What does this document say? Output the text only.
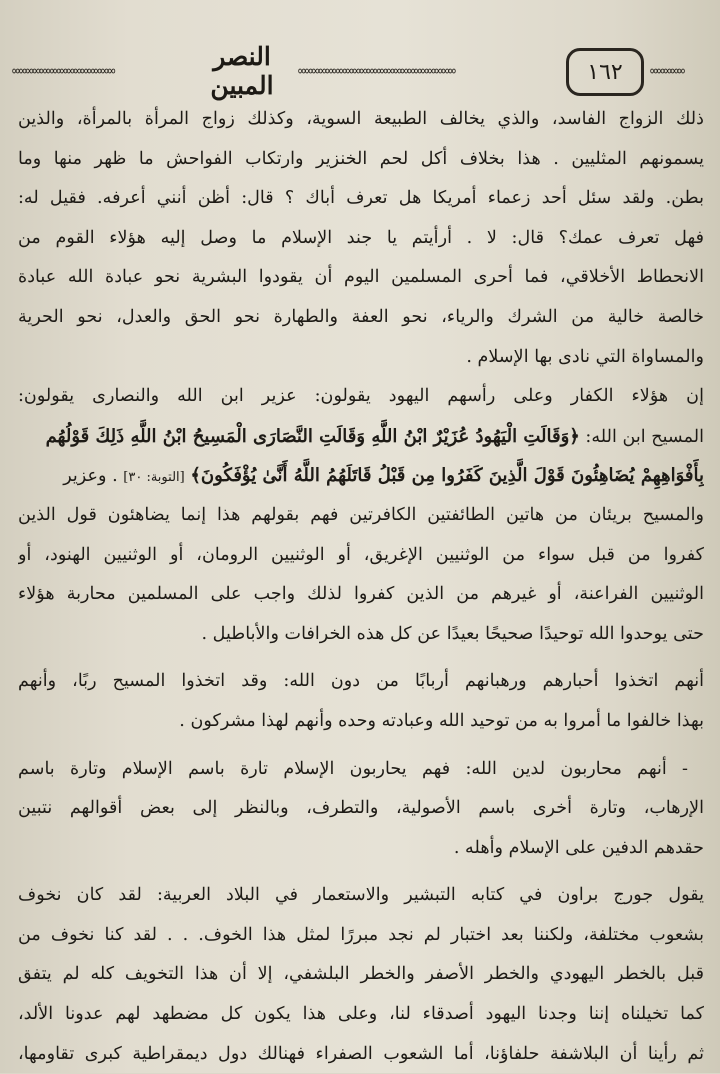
∞∞∞∞∞
١٦٢
∞∞∞∞∞∞∞∞∞∞∞∞∞∞∞∞∞∞∞∞∞∞∞
النصر المبين
∞∞∞∞∞∞∞∞∞∞∞∞∞∞∞
ذلك الزواج الفاسد، والذي يخالف الطبيعة السوية، وكذلك زواج المرأة بالمرأة، والذين
يسمونهم المثليين . هذا بخلاف أكل لحم الخنزير وارتكاب الفواحش ما ظهر منها وما
بطن. ولقد سئل أحد زعماء أمريكا هل تعرف أباك ؟ قال: أظن أنني أعرفه. فقيل له:
فهل تعرف عمك؟ قال: لا . أرأيتم يا جند الإسلام ما وصل إليه هؤلاء القوم من
الانحطاط الأخلاقي، فما أحرى المسلمين اليوم أن يقودوا البشرية نحو عبادة الله عبادة
خالصة خالية من الشرك والرياء، نحو العفة والطهارة نحو الحق والعدل، نحو الحرية
والمساواة التي نادى بها الإسلام .
إن هؤلاء الكفار وعلى رأسهم اليهود يقولون: عزير ابن الله والنصارى يقولون:
المسيح ابن الله: ﴿وَقَالَتِ الْيَهُودُ عُزَيْرٌ ابْنُ اللَّهِ وَقَالَتِ النَّصَارَى الْمَسِيحُ ابْنُ اللَّهِ ذَلِكَ قَوْلُهُم
بِأَفْوَاهِهِمْ يُضَاهِئُونَ قَوْلَ الَّذِينَ كَفَرُوا مِن قَبْلُ قَاتَلَهُمُ اللَّهُ أَنَّىٰ يُؤْفَكُونَ﴾ [التوبة: ٣٠] . وعزير
والمسيح بريئان من هاتين الطائفتين الكافرتين فهم بقولهم هذا إنما يضاهئون قول الذين
كفروا من قبل سواء من الوثنيين الإغريق، أو الوثنيين الرومان، أو الوثنيين الهنود، أو
الوثنيين الفراعنة، أو غيرهم من الذين كفروا لذلك واجب على المسلمين محاربة هؤلاء
حتى يوحدوا الله توحيدًا صحيحًا بعيدًا عن كل هذه الخرافات والأباطيل .
أنهم اتخذوا أحبارهم ورهبانهم أربابًا من دون الله: وقد اتخذوا المسيح ربًا، وأنهم
بهذا خالفوا ما أمروا به من توحيد الله وعبادته وحده وأنهم لهذا مشركون .
- أنهم محاربون لدين الله: فهم يحاربون الإسلام تارة باسم الإسلام وتارة باسم
الإرهاب، وتارة أخرى باسم الأصولية، والتطرف، وبالنظر إلى بعض أقوالهم نتبين
حقدهم الدفين على الإسلام وأهله .
يقول جورج براون في كتابه التبشير والاستعمار في البلاد العربية: لقد كان نخوف
بشعوب مختلفة، ولكننا بعد اختبار لم نجد مبررًا لمثل هذا الخوف. . . لقد كنا نخوف من
قبل بالخطر اليهودي والخطر الأصفر والخطر البلشفي، إلا أن هذا التخويف كله لم يتفق
كما تخيلناه إننا وجدنا اليهود أصدقاء لنا، وعلى هذا يكون كل مضطهد لهم عدونا الألد،
ثم رأينا أن البلاشفة حلفاؤنا، أما الشعوب الصفراء فهنالك دول ديمقراطية كبرى تقاومها،
